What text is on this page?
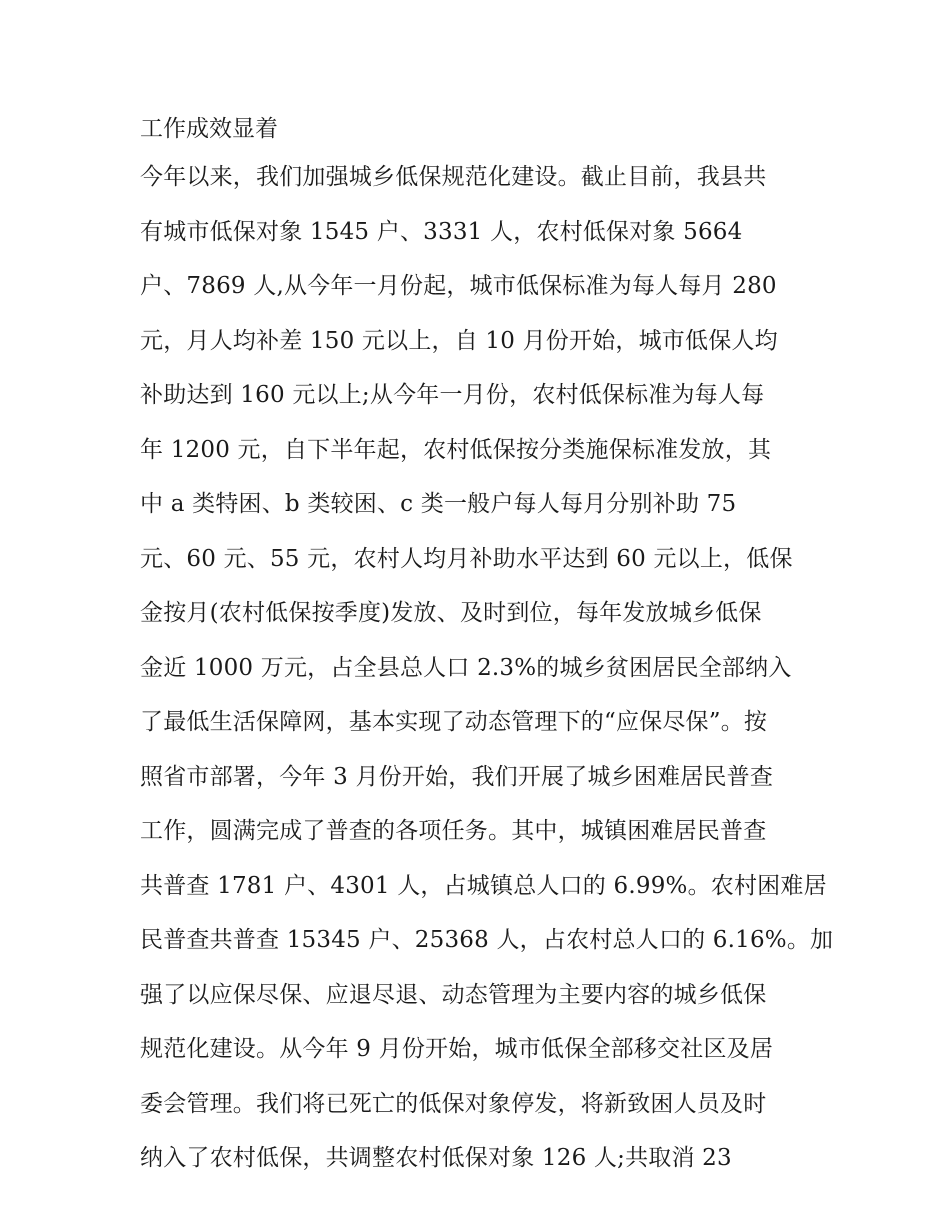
工作成效显着

今年以来，我们加强城乡低保规范化建设。截止目前，我县共

有城市低保对象 1545 户、3331 人，农村低保对象 5664

户、7869 人,从今年一月份起，城市低保标准为每人每月 280

元，月人均补差 150 元以上，自 10 月份开始，城市低保人均

补助达到 160 元以上;从今年一月份，农村低保标准为每人每

年 1200 元，自下半年起，农村低保按分类施保标准发放，其

中 a 类特困、b 类较困、c 类一般户每人每月分别补助 75

元、60 元、55 元，农村人均月补助水平达到 60 元以上，低保

金按月(农村低保按季度)发放、及时到位，每年发放城乡低保

金近 1000 万元，占全县总人口 2.3%的城乡贫困居民全部纳入

了最低生活保障网，基本实现了动态管理下的“应保尽保”。按

照省市部署，今年 3 月份开始，我们开展了城乡困难居民普查

工作，圆满完成了普查的各项任务。其中，城镇困难居民普查

共普查 1781 户、4301 人，占城镇总人口的 6.99%。农村困难居

民普查共普查 15345 户、25368 人，占农村总人口的 6.16%。加

强了以应保尽保、应退尽退、动态管理为主要内容的城乡低保

规范化建设。从今年 9 月份开始，城市低保全部移交社区及居

委会管理。我们将已死亡的低保对象停发，将新致困人员及时

纳入了农村低保，共调整农村低保对象 126 人;共取消 23
